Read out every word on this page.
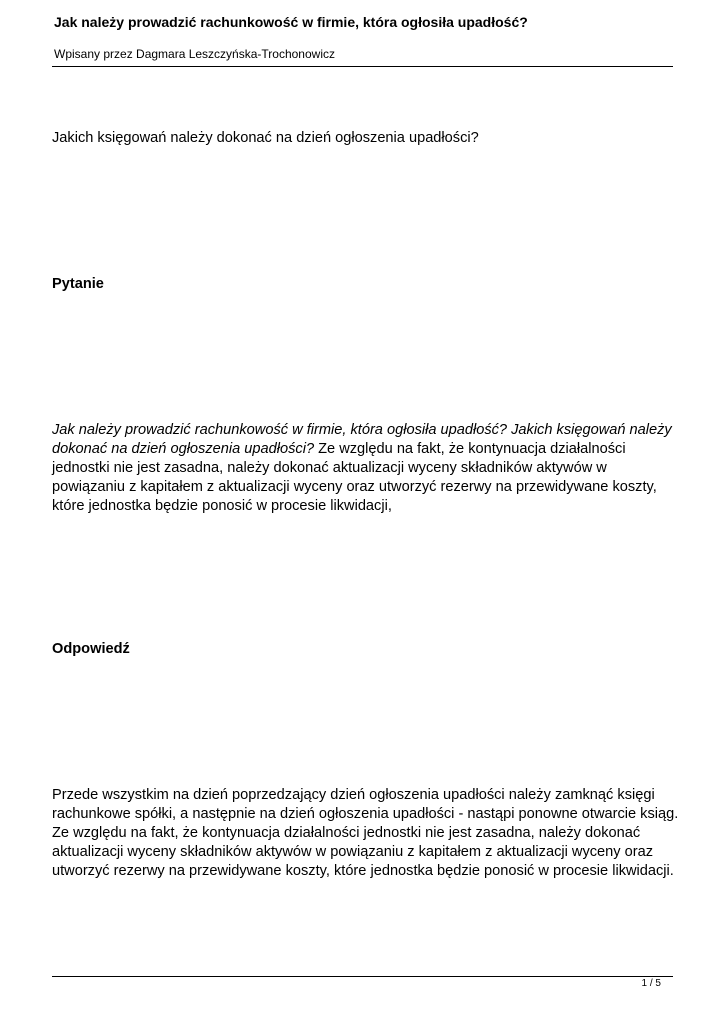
Jak należy prowadzić rachunkowość w firmie, która ogłosiła upadłość?
Wpisany przez Dagmara Leszczyńska-Trochonowicz
Jakich księgowań należy dokonać na dzień ogłoszenia upadłości?
Pytanie
Jak należy prowadzić rachunkowość w firmie, która ogłosiła upadłość? Jakich księgowań należy dokonać na dzień ogłoszenia upadłości? Ze względu na fakt, że kontynuacja działalności jednostki nie jest zasadna, należy dokonać aktualizacji wyceny składników aktywów w powiązaniu z kapitałem z aktualizacji wyceny oraz utworzyć rezerwy na przewidywane koszty, które jednostka będzie ponosić w procesie likwidacji,
Odpowiedź
Przede wszystkim na dzień poprzedzający dzień ogłoszenia upadłości należy zamknąć księgi rachunkowe spółki, a następnie na dzień ogłoszenia upadłości - nastąpi ponowne otwarcie ksiąg. Ze względu na fakt, że kontynuacja działalności jednostki nie jest zasadna, należy dokonać aktualizacji wyceny składników aktywów w powiązaniu z kapitałem z aktualizacji wyceny oraz utworzyć rezerwy na przewidywane koszty, które jednostka będzie ponosić w procesie likwidacji.
1 / 5
